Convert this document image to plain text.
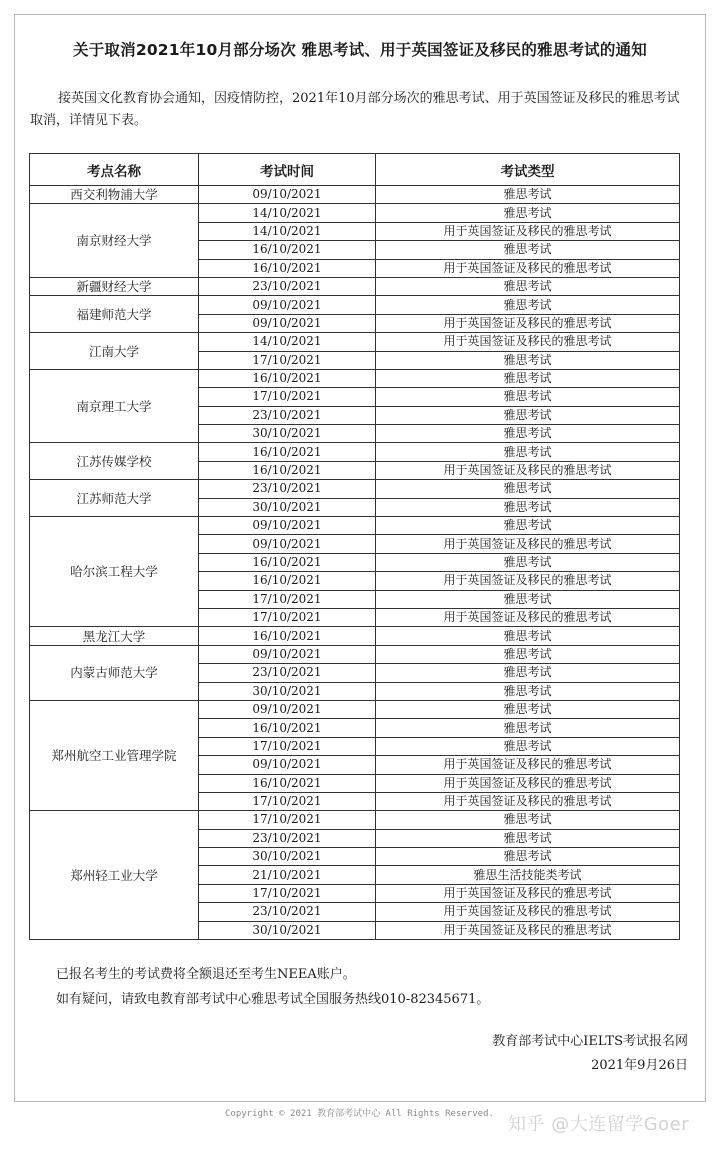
关于取消2021年10月部分场次 雅思考试、用于英国签证及移民的雅思考试的通知
接英国文化教育协会通知，因疫情防控，2021年10月部分场次的雅思考试、用于英国签证及移民的雅思考试取消，详情见下表。
考点名称	考试时间	考试类型
西交利物浦大学	09/10/2021	雅思考试
南京财经大学	14/10/2021	雅思考试
	14/10/2021	用于英国签证及移民的雅思考试
	16/10/2021	雅思考试
	16/10/2021	用于英国签证及移民的雅思考试
新疆财经大学	23/10/2021	雅思考试
福建师范大学	09/10/2021	雅思考试
	09/10/2021	用于英国签证及移民的雅思考试
江南大学	14/10/2021	用于英国签证及移民的雅思考试
	17/10/2021	雅思考试
南京理工大学	16/10/2021	雅思考试
	17/10/2021	雅思考试
	23/10/2021	雅思考试
	30/10/2021	雅思考试
江苏传媒学校	16/10/2021	雅思考试
	16/10/2021	用于英国签证及移民的雅思考试
江苏师范大学	23/10/2021	雅思考试
	30/10/2021	雅思考试
哈尔滨工程大学	09/10/2021	雅思考试
	09/10/2021	用于英国签证及移民的雅思考试
	16/10/2021	雅思考试
	16/10/2021	用于英国签证及移民的雅思考试
	17/10/2021	雅思考试
	17/10/2021	用于英国签证及移民的雅思考试
黑龙江大学	16/10/2021	雅思考试
内蒙古师范大学	09/10/2021	雅思考试
	23/10/2021	雅思考试
	30/10/2021	雅思考试
郑州航空工业管理学院	09/10/2021	雅思考试
	16/10/2021	雅思考试
	17/10/2021	雅思考试
	09/10/2021	用于英国签证及移民的雅思考试
	16/10/2021	用于英国签证及移民的雅思考试
	17/10/2021	用于英国签证及移民的雅思考试
郑州轻工业大学	17/10/2021	雅思考试
	23/10/2021	雅思考试
	30/10/2021	雅思考试
	21/10/2021	雅思生活技能类考试
	17/10/2021	用于英国签证及移民的雅思考试
	23/10/2021	用于英国签证及移民的雅思考试
	30/10/2021	用于英国签证及移民的雅思考试
已报名考生的考试费将全额退还至考生NEEA账户。
如有疑问，请致电教育部考试中心雅思考试全国服务热线010-82345671。
教育部考试中心IELTS考试报名网
2021年9月26日
Copyright © 2021 教育部考试中心 All Rights Reserved. 知乎 @大连留学Goer
